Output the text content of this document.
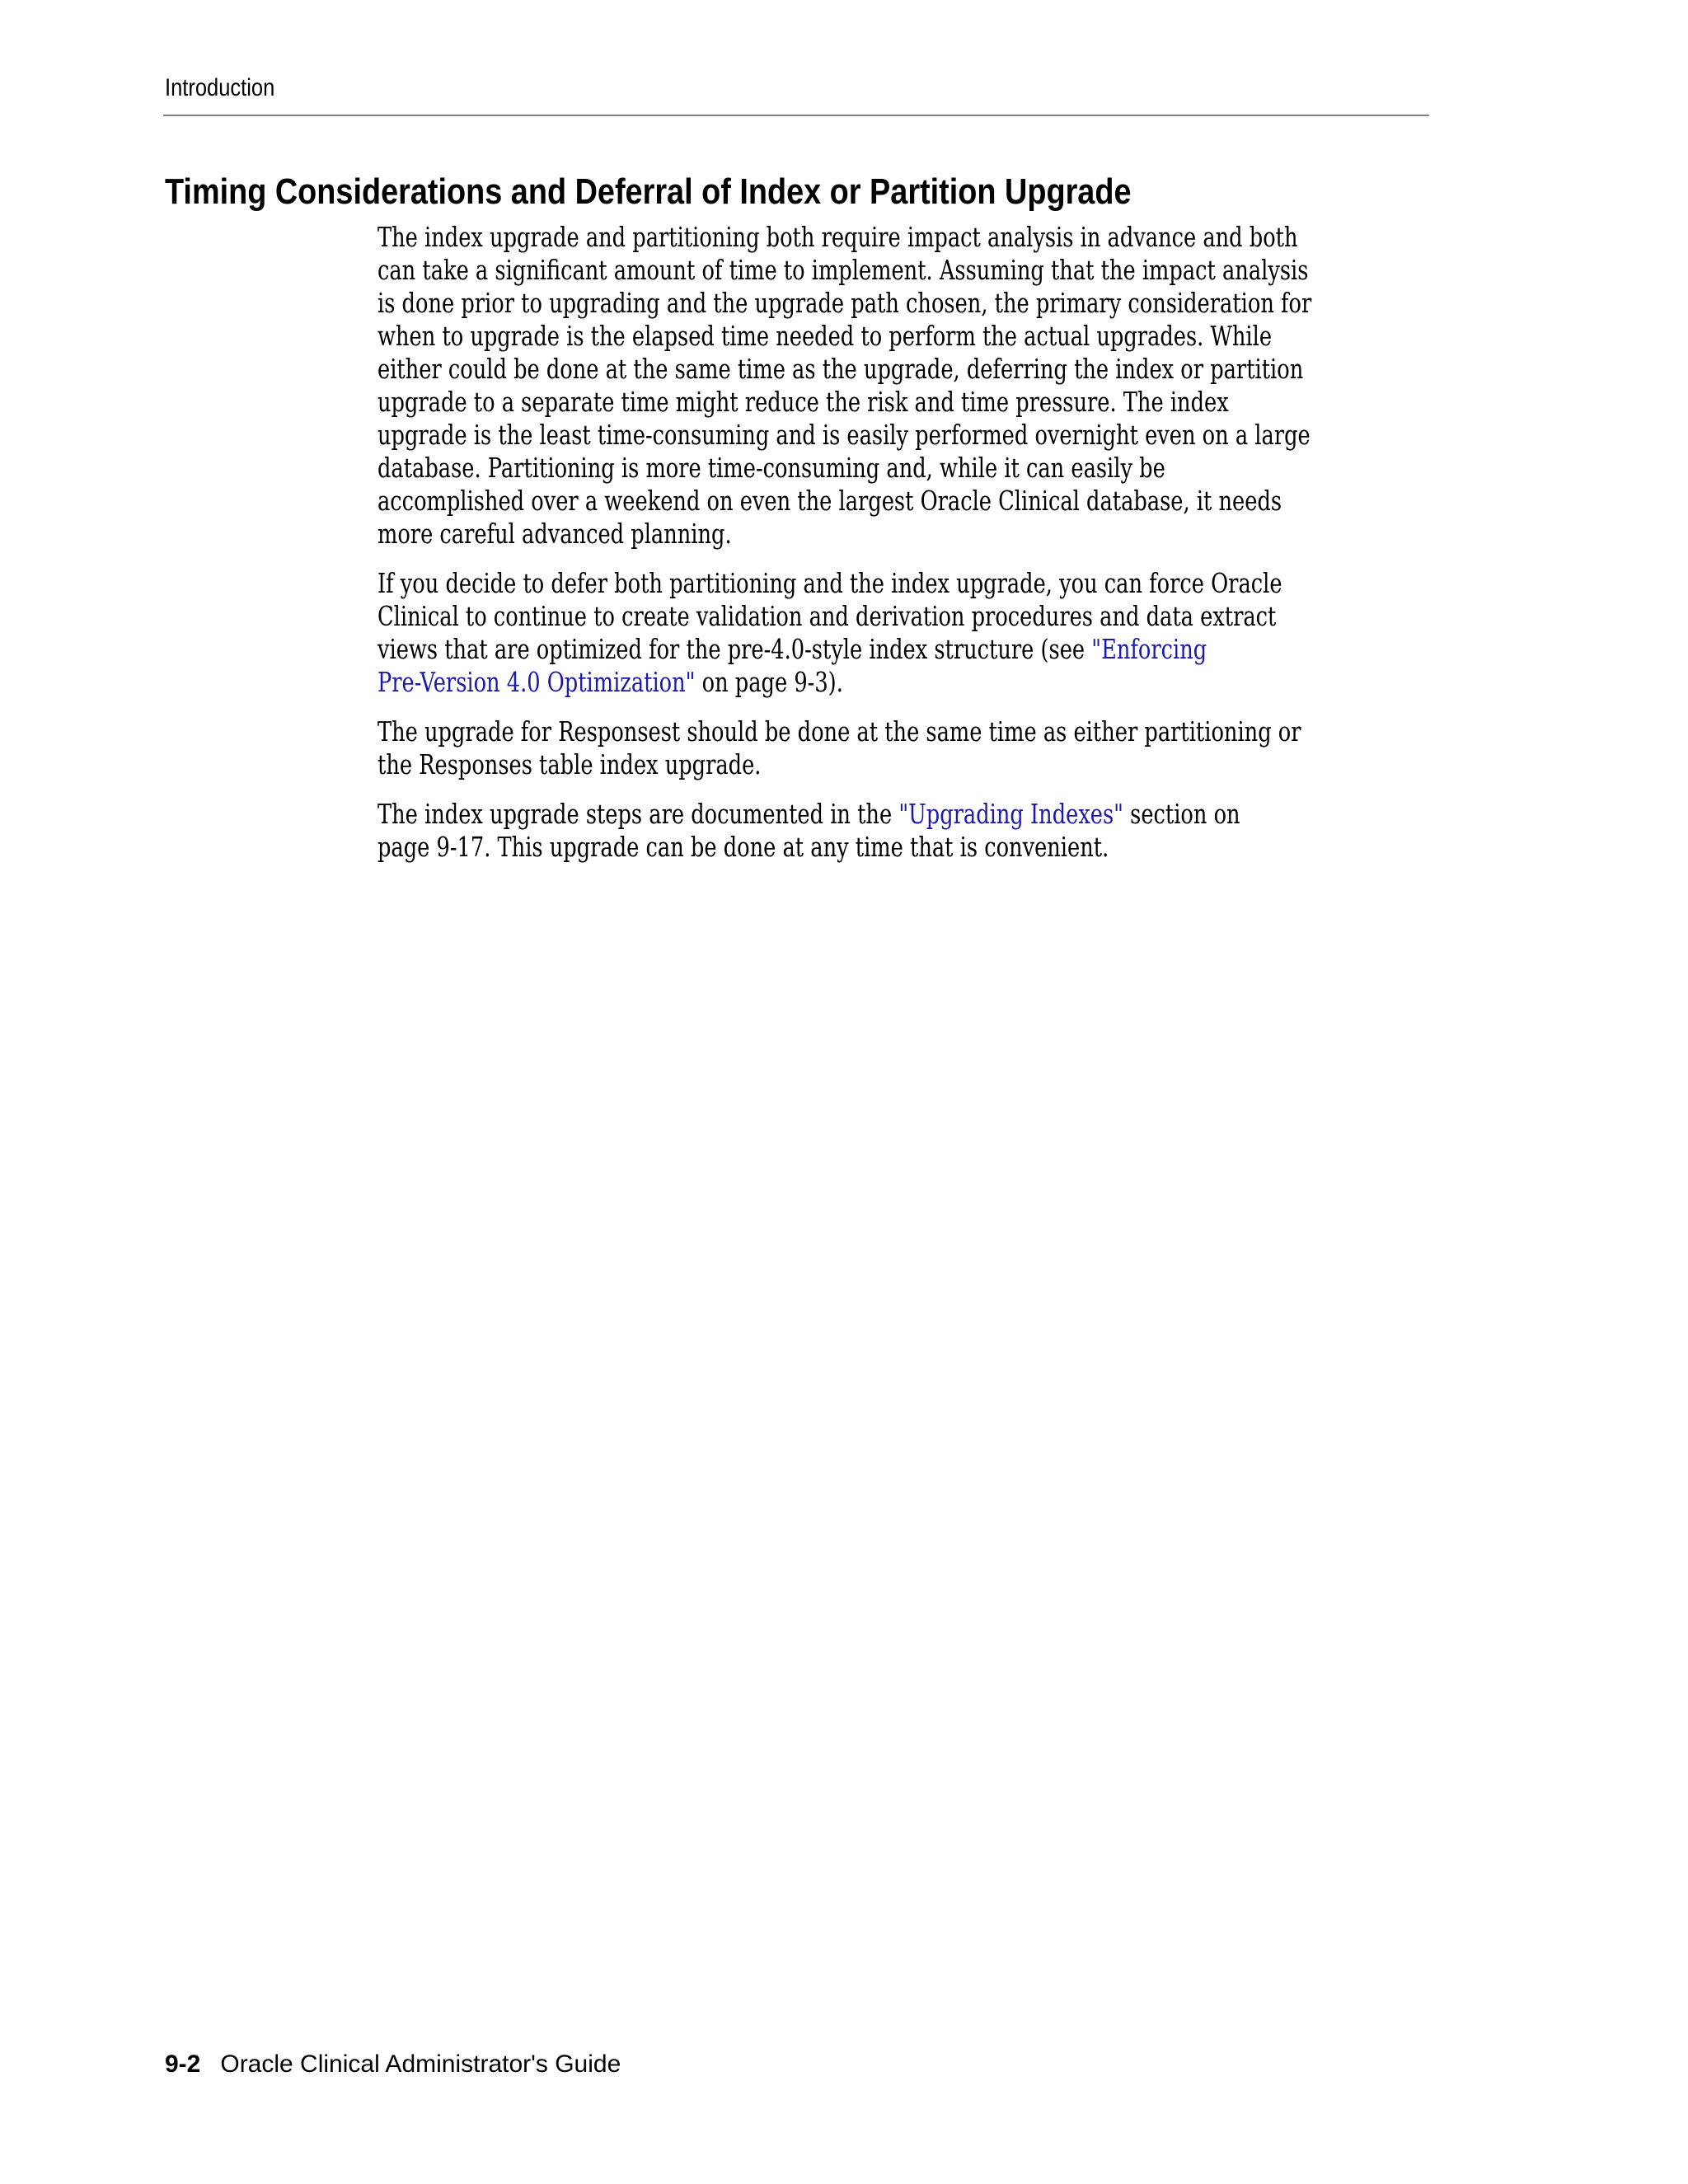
Introduction
Timing Considerations and Deferral of Index or Partition Upgrade

The index upgrade and partitioning both require impact analysis in advance and both
can take a significant amount of time to implement. Assuming that the impact analysis
is done prior to upgrading and the upgrade path chosen, the primary consideration for
when to upgrade is the elapsed time needed to perform the actual upgrades. While
either could be done at the same time as the upgrade, deferring the index or partition
upgrade to a separate time might reduce the risk and time pressure. The index
upgrade is the least time-consuming and is easily performed overnight even on a large
database. Partitioning is more time-consuming and, while it can easily be
accomplished over a weekend on even the largest Oracle Clinical database, it needs
more careful advanced planning.

If you decide to defer both partitioning and the index upgrade, you can force Oracle
Clinical to continue to create validation and derivation procedures and data extract
views that are optimized for the pre-4.0-style index structure (see "Enforcing
Pre-Version 4.0 Optimization" on page 9-3).

The upgrade for Responsest should be done at the same time as either partitioning or
the Responses table index upgrade.

The index upgrade steps are documented in the "Upgrading Indexes" section on
page 9-17. This upgrade can be done at any time that is convenient.

9-2 Oracle Clinical Administrator's Guide
